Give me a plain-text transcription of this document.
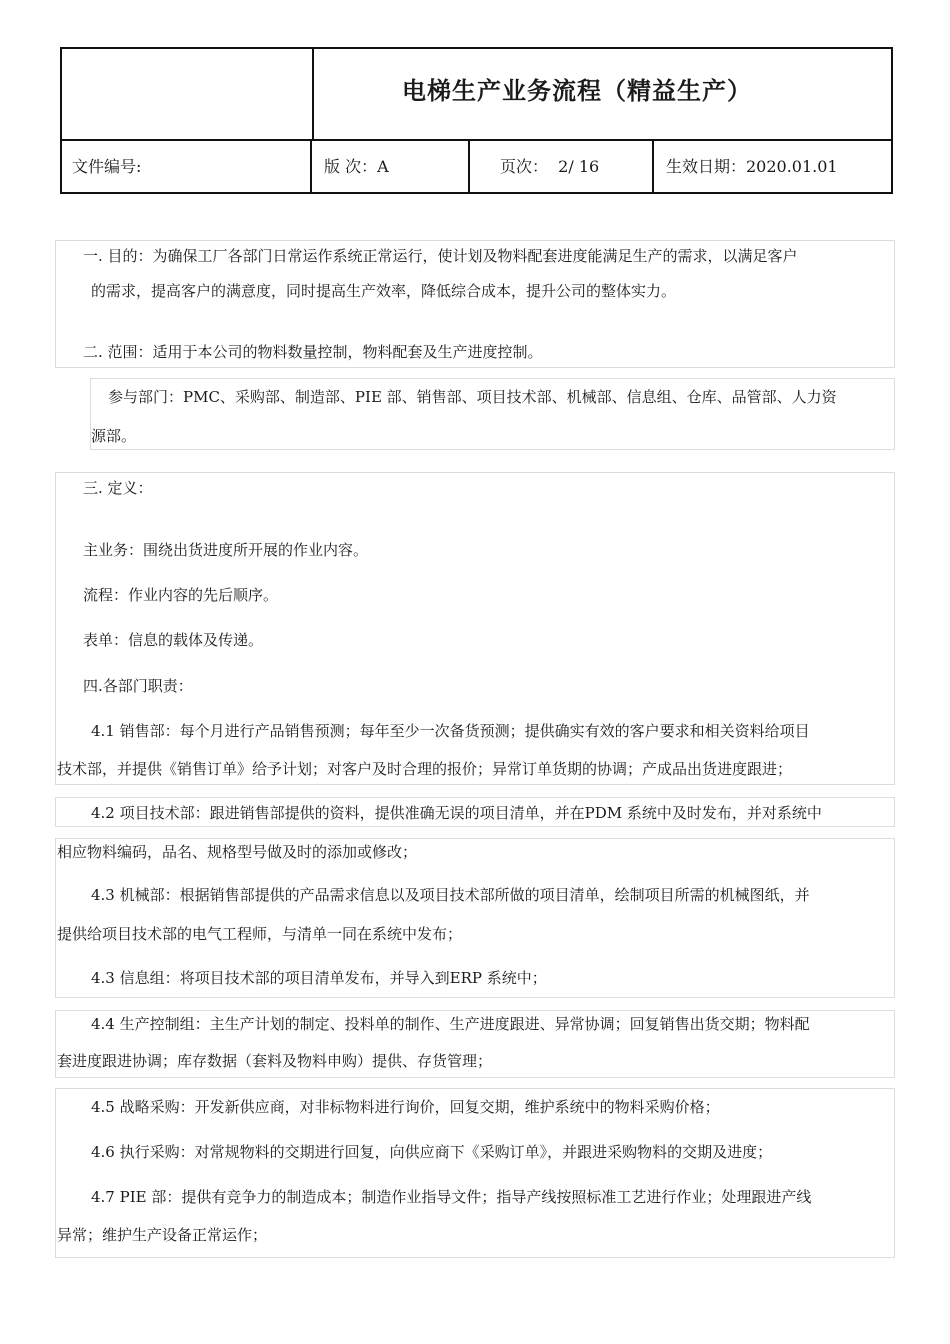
电梯生产业务流程（精益生产）
文件编号:	版 次：A	页次：  2/ 16	生效日期：2020.01.01
一. 目的：为确保工厂各部门日常运作系统正常运行，使计划及物料配套进度能满足生产的需求，以满足客户
的需求，提高客户的满意度，同时提高生产效率，降低综合成本，提升公司的整体实力。
二. 范围：适用于本公司的物料数量控制，物料配套及生产进度控制。
参与部门：PMC、采购部、制造部、PIE 部、销售部、项目技术部、机械部、信息组、仓库、品管部、人力资
源部。
三. 定义：
主业务：围绕出货进度所开展的作业内容。
流程：作业内容的先后顺序。
表单：信息的载体及传递。
四.各部门职责：
4.1 销售部：每个月进行产品销售预测；每年至少一次备货预测；提供确实有效的客户要求和相关资料给项目
技术部，并提供《销售订单》给予计划；对客户及时合理的报价；异常订单货期的协调；产成品出货进度跟进；
4.2 项目技术部：跟进销售部提供的资料，提供准确无误的项目清单，并在PDM 系统中及时发布，并对系统中
相应物料编码，品名、规格型号做及时的添加或修改；
4.3 机械部：根据销售部提供的产品需求信息以及项目技术部所做的项目清单，绘制项目所需的机械图纸，并
提供给项目技术部的电气工程师，与清单一同在系统中发布；
4.3 信息组：将项目技术部的项目清单发布，并导入到ERP 系统中；
4.4 生产控制组：主生产计划的制定、投料单的制作、生产进度跟进、异常协调；回复销售出货交期；物料配
套进度跟进协调；库存数据（套料及物料申购）提供、存货管理；
4.5 战略采购：开发新供应商，对非标物料进行询价，回复交期，维护系统中的物料采购价格；
4.6 执行采购：对常规物料的交期进行回复，向供应商下《采购订单》，并跟进采购物料的交期及进度；
4.7 PIE 部：提供有竞争力的制造成本；制造作业指导文件；指导产线按照标准工艺进行作业；处理跟进产线
异常；维护生产设备正常运作；
